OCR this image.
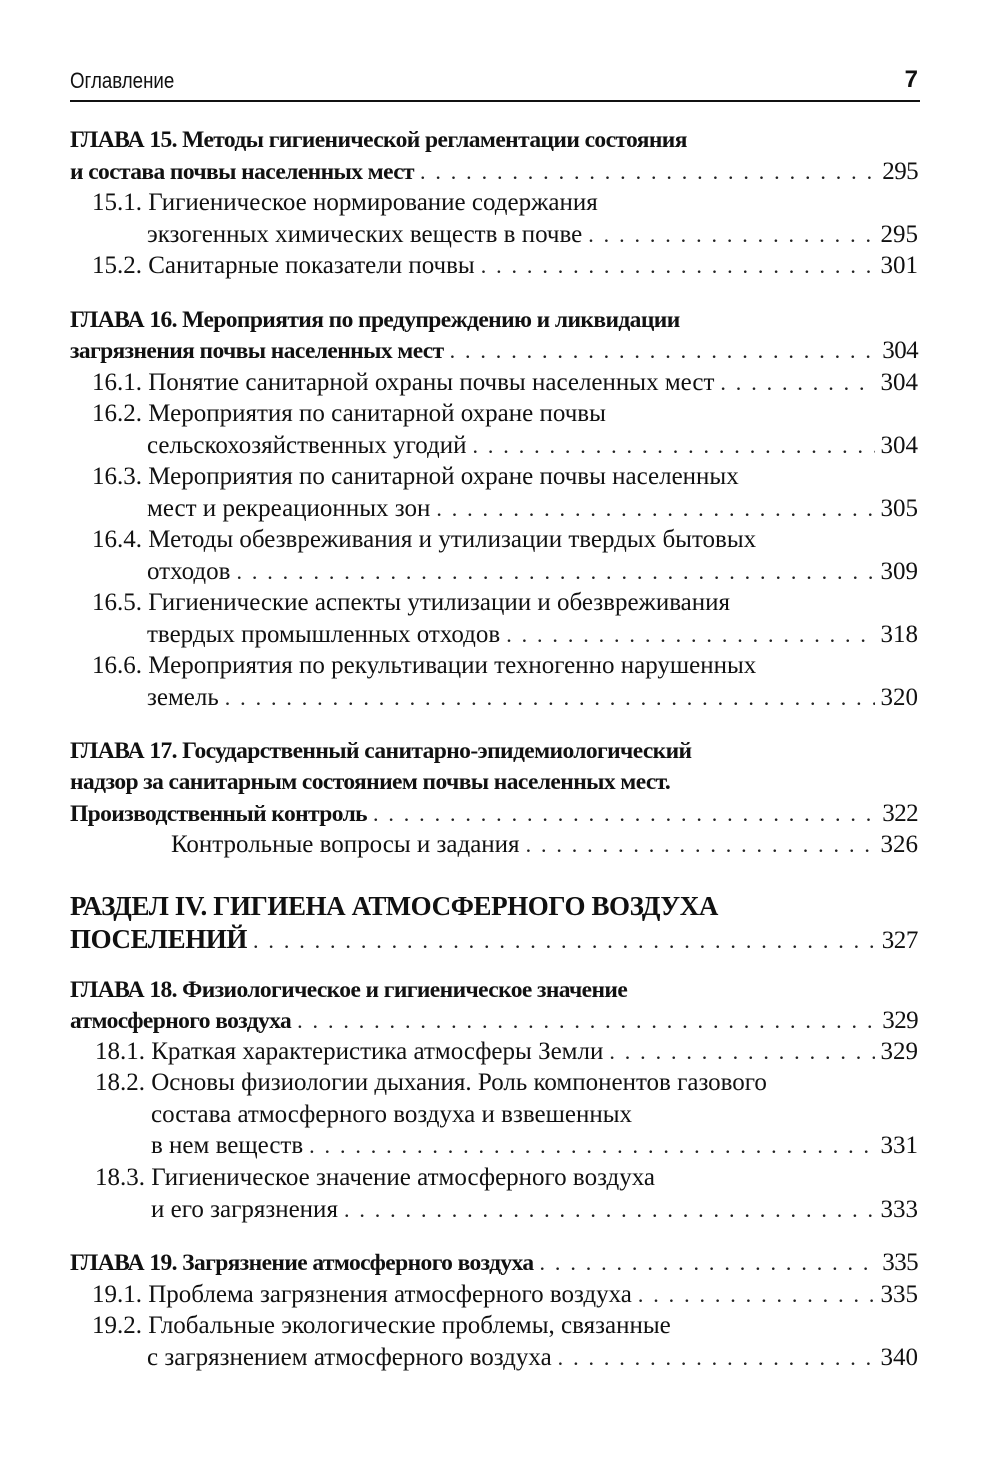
Оглавление	7
ГЛАВА 15. Методы гигиенической регламентации состояния
и состава почвы населенных мест . . .	295
15.1. Гигиеническое нормирование содержания
экзогенных химических веществ в почве . . .	295
15.2. Санитарные показатели почвы . . .	301
ГЛАВА 16. Мероприятия по предупреждению и ликвидации
загрязнения почвы населенных мест . . .	304
16.1. Понятие санитарной охраны почвы населенных мест . . .	304
16.2. Мероприятия по санитарной охране почвы
сельскохозяйственных угодий . . .	304
16.3. Мероприятия по санитарной охране почвы населенных
мест и рекреационных зон . . .	305
16.4. Методы обезвреживания и утилизации твердых бытовых
отходов . . .	309
16.5. Гигиенические аспекты утилизации и обезвреживания
твердых промышленных отходов . . .	318
16.6. Мероприятия по рекультивации техногенно нарушенных
земель . . .	320
ГЛАВА 17. Государственный санитарно-эпидемиологический
надзор за санитарным состоянием почвы населенных мест.
Производственный контроль . . .	322
Контрольные вопросы и задания . . .	326
РАЗДЕЛ IV. ГИГИЕНА АТМОСФЕРНОГО ВОЗДУХА
ПОСЕЛЕНИЙ . . .	327
ГЛАВА 18. Физиологическое и гигиеническое значение
атмосферного воздуха . . .	329
18.1. Краткая характеристика атмосферы Земли . . .	329
18.2. Основы физиологии дыхания. Роль компонентов газового
состава атмосферного воздуха и взвешенных
в нем веществ . . .	331
18.3. Гигиеническое значение атмосферного воздуха
и его загрязнения . . .	333
ГЛАВА 19. Загрязнение атмосферного воздуха . . .	335
19.1. Проблема загрязнения атмосферного воздуха . . .	335
19.2. Глобальные экологические проблемы, связанные
с загрязнением атмосферного воздуха . . .	340
